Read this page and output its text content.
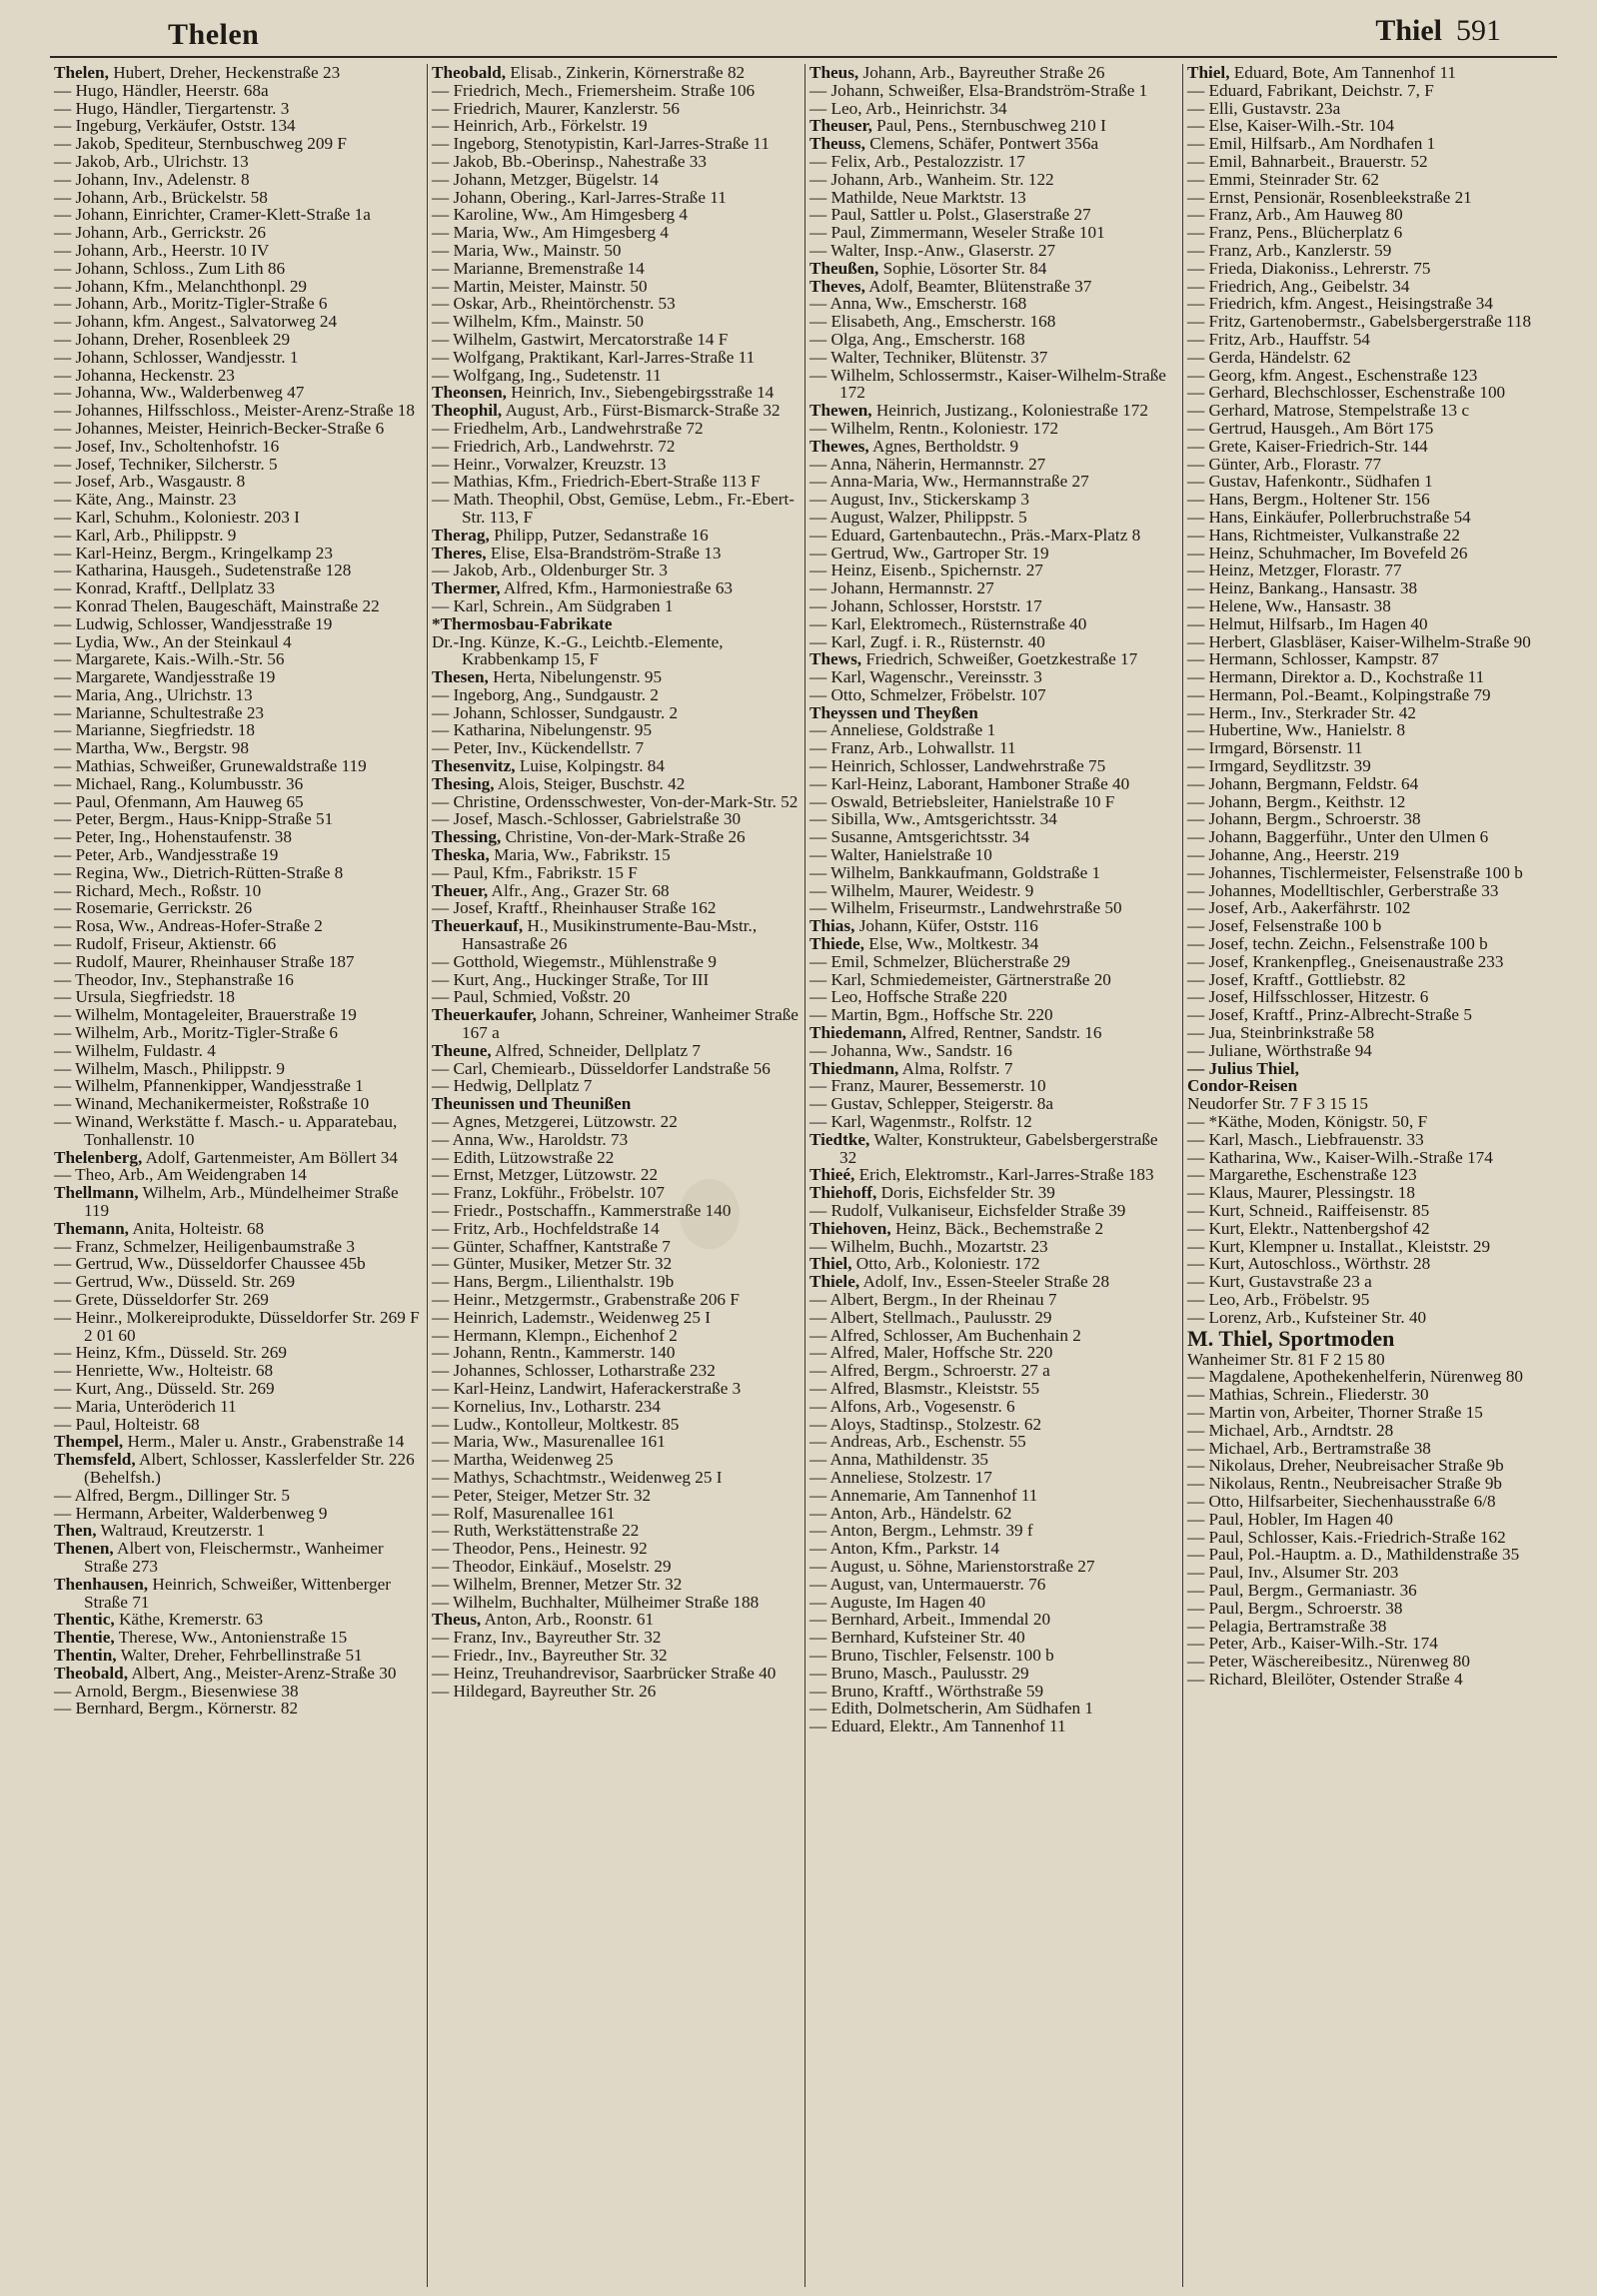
Thelen	Thiel 591
Thelen, Hubert, Dreher, Heckenstraße 23
— Hugo, Händler, Heerstr. 68a
— Hugo, Händler, Tiergartenstr. 3
— Ingeburg, Verkäufer, Oststr. 134
— Jakob, Spediteur, Sternbuschweg 209 F
— Jakob, Arb., Ulrichstr. 13
— Johann, Inv., Adelenstr. 8
— Johann, Arb., Brückelstr. 58
— Johann, Einrichter, Cramer-Klett-Straße 1a
— Johann, Arb., Gerrickstr. 26
— Johann, Arb., Heerstr. 10 IV
— Johann, Schloss., Zum Lith 86
— Johann, Kfm., Melanchthonpl. 29
— Johann, Arb., Moritz-Tigler-Straße 6
— Johann, kfm. Angest., Salvatorweg 24
— Johann, Dreher, Rosenbleek 29
— Johann, Schlosser, Wandjesstr. 1
— Johanna, Heckenstr. 23
— Johanna, Ww., Walderbenweg 47
— Johannes, Hilfsschloss., Meister-Arenz-Straße 18
— Johannes, Meister, Heinrich-Becker-Straße 6
— Josef, Inv., Scholtenhofstr. 16
— Josef, Techniker, Silcherstr. 5
— Josef, Arb., Wasgaustr. 8
— Käte, Ang., Mainstr. 23
— Karl, Schuhm., Koloniestr. 203 I
— Karl, Arb., Philippstr. 9
— Karl-Heinz, Bergm., Kringelkamp 23
— Katharina, Hausgeh., Sudetenstraße 128
— Konrad, Kraftf., Dellplatz 33
— Konrad Thelen, Baugeschäft, Mainstraße 22
— Ludwig, Schlosser, Wandjesstraße 19
— Lydia, Ww., An der Steinkaul 4
— Margarete, Kais.-Wilh.-Str. 56
— Margarete, Wandjesstraße 19
— Maria, Ang., Ulrichstr. 13
— Marianne, Schultestraße 23
— Marianne, Siegfriedstr. 18
— Martha, Ww., Bergstr. 98
— Mathias, Schweißer, Grunewaldstraße 119
— Michael, Rang., Kolumbusstr. 36
— Paul, Ofenmann, Am Hauweg 65
— Peter, Bergm., Haus-Knipp-Straße 51
— Peter, Ing., Hohenstaufenstr. 38
— Peter, Arb., Wandjesstraße 19
— Regina, Ww., Dietrich-Rütten-Straße 8
— Richard, Mech., Roßstr. 10
— Rosemarie, Gerrickstr. 26
— Rosa, Ww., Andreas-Hofer-Straße 2
— Rudolf, Friseur, Aktienstr. 66
— Rudolf, Maurer, Rheinhauser Straße 187
— Theodor, Inv., Stephanstraße 16
— Ursula, Siegfriedstr. 18
— Wilhelm, Montageleiter, Brauerstraße 19
— Wilhelm, Arb., Moritz-Tigler-Straße 6
— Wilhelm, Fuldastr. 4
— Wilhelm, Masch., Philippstr. 9
— Wilhelm, Pfannenkipper, Wandjesstraße 1
— Winand, Mechanikermeister, Roßstraße 10
— Winand, Werkstätte f. Masch.- u. Apparatebau, Tonhallenstr. 10
Thelenberg, Adolf, Gartenmeister, Am Böllert 34
— Theo, Arb., Am Weidengraben 14
Thellmann, Wilhelm, Arb., Mündelheimer Straße 119
Themann, Anita, Holteistr. 68
— Franz, Schmelzer, Heiligenbaumstraße 3
— Gertrud, Ww., Düsseldorfer Chaussee 45b
— Gertrud, Ww., Düsseld. Str. 269
— Grete, Düsseldorfer Str. 269
— Heinr., Molkereiprodukte, Düsseldorfer Str. 269 F 2 01 60
— Heinz, Kfm., Düsseld. Str. 269
— Henriette, Ww., Holteistr. 68
— Kurt, Ang., Düsseld. Str. 269
— Maria, Unteröderich 11
— Paul, Holteistr. 68
Thempel, Herm., Maler u. Anstr., Grabenstraße 14
Themsfeld, Albert, Schlosser, Kasslerfelder Str. 226 (Behelfsh.)
— Alfred, Bergm., Dillinger Str. 5
— Hermann, Arbeiter, Walderbenweg 9
Then, Waltraud, Kreutzerstr. 1
Thenen, Albert von, Fleischermstr., Wanheimer Straße 273
Thenhausen, Heinrich, Schweißer, Wittenberger Straße 71
Thentic, Käthe, Kremerstr. 63
Thentie, Therese, Ww., Antonienstraße 15
Thentin, Walter, Dreher, Fehrbellinstraße 51
Theobald, Albert, Ang., Meister-Arenz-Straße 30
— Arnold, Bergm., Biesenwiese 38
— Bernhard, Bergm., Körnerstr. 82
Theobald, Elisab., Zinkerin, Körnerstraße 82
— Friedrich, Mech., Friemersheim. Straße 106
— Friedrich, Maurer, Kanzlerstr. 56
— Heinrich, Arb., Förkelstr. 19
— Ingeborg, Stenotypistin, Karl-Jarres-Straße 11
— Jakob, Bb.-Oberinsp., Nahestraße 33
— Johann, Metzger, Bügelstr. 14
— Johann, Obering., Karl-Jarres-Straße 11
— Karoline, Ww., Am Himgesberg 4
— Maria, Ww., Am Himgesberg 4
— Maria, Ww., Mainstr. 50
— Marianne, Bremenstraße 14
— Martin, Meister, Mainstr. 50
— Oskar, Arb., Rheintörchenstr. 53
— Wilhelm, Kfm., Mainstr. 50
— Wilhelm, Gastwirt, Mercatorstraße 14 F
— Wolfgang, Praktikant, Karl-Jarres-Straße 11
— Wolfgang, Ing., Sudetenstr. 11
Theonsen, Heinrich, Inv., Siebengebirgsstraße 14
Theophil, August, Arb., Fürst-Bismarck-Straße 32
— Friedhelm, Arb., Landwehrstraße 72
— Friedrich, Arb., Landwehrstr. 72
— Heinr., Vorwalzer, Kreuzstr. 13
— Mathias, Kfm., Friedrich-Ebert-Straße 113 F
— Math. Theophil, Obst, Gemüse, Lebm., Fr.-Ebert-Str. 113, F
Therag, Philipp, Putzer, Sedanstraße 16
Theres, Elise, Elsa-Brandström-Straße 13
— Jakob, Arb., Oldenburger Str. 3
Thermer, Alfred, Kfm., Harmoniestraße 63
— Karl, Schrein., Am Südgraben 1
*Thermosbau-Fabrikate
Dr.-Ing. Künze, K.-G., Leichtb.-Elemente, Krabbenkamp 15, F
Thesen, Herta, Nibelungenstr. 95
— Ingeborg, Ang., Sundgaustr. 2
— Johann, Schlosser, Sundgaustr. 2
— Katharina, Nibelungenstr. 95
— Peter, Inv., Kückendellstr. 7
Thesenvitz, Luise, Kolpingstr. 84
Thesing, Alois, Steiger, Buschstr. 42
— Christine, Ordensschwester, Von-der-Mark-Str. 52
— Josef, Masch.-Schlosser, Gabrielstraße 30
Thessing, Christine, Von-der-Mark-Straße 26
Theska, Maria, Ww., Fabrikstr. 15
— Paul, Kfm., Fabrikstr. 15 F
Theuer, Alfr., Ang., Grazer Str. 68
— Josef, Kraftf., Rheinhauser Straße 162
Theuerkauf, H., Musikinstrumente-Bau-Mstr., Hansastraße 26
— Gotthold, Wiegemstr., Mühlenstraße 9
— Kurt, Ang., Huckinger Straße, Tor III
— Paul, Schmied, Voßstr. 20
Theuerkaufer, Johann, Schreiner, Wanheimer Straße 167 a
Theune, Alfred, Schneider, Dellplatz 7
— Carl, Chemiearb., Düsseldorfer Landstraße 56
— Hedwig, Dellplatz 7
Theunissen und Theunißen
— Agnes, Metzgerei, Lützowstr. 22
— Anna, Ww., Haroldstr. 73
— Edith, Lützowstraße 22
— Ernst, Metzger, Lützowstr. 22
— Franz, Lokführ., Fröbelstr. 107
— Friedr., Postschaffn., Kammerstraße 140
— Fritz, Arb., Hochfeldstraße 14
— Günter, Schaffner, Kantstraße 7
— Günter, Musiker, Metzer Str. 32
— Hans, Bergm., Lilienthalstr. 19b
— Heinr., Metzgermstr., Grabenstraße 206 F
— Heinrich, Lademstr., Weidenweg 25 I
— Hermann, Klempn., Eichenhof 2
— Johann, Rentn., Kammerstr. 140
— Johannes, Schlosser, Lotharstraße 232
— Karl-Heinz, Landwirt, Haferackerstraße 3
— Kornelius, Inv., Lotharstr. 234
— Ludw., Kontolleur, Moltkestr. 85
— Maria, Ww., Masurenallee 161
— Martha, Weidenweg 25
— Mathys, Schachtmstr., Weidenweg 25 I
— Peter, Steiger, Metzer Str. 32
— Rolf, Masurenallee 161
— Ruth, Werkstättenstraße 22
— Theodor, Pens., Heinestr. 92
— Theodor, Einkäuf., Moselstr. 29
— Wilhelm, Brenner, Metzer Str. 32
— Wilhelm, Buchhalter, Mülheimer Straße 188
Theus, Anton, Arb., Roonstr. 61
— Franz, Inv., Bayreuther Str. 32
— Friedr., Inv., Bayreuther Str. 32
— Heinz, Treuhandrevisor, Saarbrücker Straße 40
— Hildegard, Bayreuther Str. 26
Theus, Johann, Arb., Bayreuther Straße 26
— Johann, Schweißer, Elsa-Brandström-Straße 1
— Leo, Arb., Heinrichstr. 34
Theuser, Paul, Pens., Sternbuschweg 210 I
Theuss, Clemens, Schäfer, Pontwert 356a
— Felix, Arb., Pestalozzistr. 17
— Johann, Arb., Wanheim. Str. 122
— Mathilde, Neue Marktstr. 13
— Paul, Sattler u. Polst., Glaserstraße 27
— Paul, Zimmermann, Weseler Straße 101
— Walter, Insp.-Anw., Glaserstr. 27
Theußen, Sophie, Lösorter Str. 84
Theves, Adolf, Beamter, Blütenstraße 37
— Anna, Ww., Emscherstr. 168
— Elisabeth, Ang., Emscherstr. 168
— Olga, Ang., Emscherstr. 168
— Walter, Techniker, Blütenstr. 37
— Wilhelm, Schlossermstr., Kaiser-Wilhelm-Straße 172
Thewen, Heinrich, Justizang., Koloniestraße 172
— Wilhelm, Rentn., Koloniestr. 172
Thewes, Agnes, Bertholdstr. 9
— Anna, Näherin, Hermannstr. 27
— Anna-Maria, Ww., Hermannstraße 27
— August, Inv., Stickerskamp 3
— August, Walzer, Philippstr. 5
— Eduard, Gartenbautechn., Präs.-Marx-Platz 8
— Gertrud, Ww., Gartroper Str. 19
— Heinz, Eisenb., Spichernstr. 27
— Johann, Hermannstr. 27
— Johann, Schlosser, Horststr. 17
— Karl, Elektromech., Rüsternstraße 40
— Karl, Zugf. i. R., Rüsternstr. 40
Thews, Friedrich, Schweißer, Goetzkestraße 17
— Karl, Wagenschr., Vereinsstr. 3
— Otto, Schmelzer, Fröbelstr. 107
Theyssen und Theyßen
— Anneliese, Goldstraße 1
— Franz, Arb., Lohwallstr. 11
— Heinrich, Schlosser, Landwehrstraße 75
— Karl-Heinz, Laborant, Hamboner Straße 40
— Oswald, Betriebsleiter, Hanielstraße 10 F
— Sibilla, Ww., Amtsgerichtsstr. 34
— Susanne, Amtsgerichtsstr. 34
— Walter, Hanielstraße 10
— Wilhelm, Bankkaufmann, Goldstraße 1
— Wilhelm, Maurer, Weidestr. 9
— Wilhelm, Friseurmstr., Landwehrstraße 50
Thias, Johann, Küfer, Oststr. 116
Thiede, Else, Ww., Moltkestr. 34
— Emil, Schmelzer, Blücherstraße 29
— Karl, Schmiedemeister, Gärtnerstraße 20
— Leo, Hoffsche Straße 220
— Martin, Bgm., Hoffsche Str. 220
Thiedemann, Alfred, Rentner, Sandstr. 16
— Johanna, Ww., Sandstr. 16
Thiedmann, Alma, Rolfstr. 7
— Franz, Maurer, Bessemerstr. 10
— Gustav, Schlepper, Steigerstr. 8a
— Karl, Wagenmstr., Rolfstr. 12
Tiedtke, Walter, Konstrukteur, Gabelsbergerstraße 32
Thieé, Erich, Elektromstr., Karl-Jarres-Straße 183
Thiehoff, Doris, Eichsfelder Str. 39
— Rudolf, Vulkaniseur, Eichsfelder Straße 39
Thiehoven, Heinz, Bäck., Bechemstraße 2
— Wilhelm, Buchh., Mozartstr. 23
Thiel, Otto, Arb., Koloniestr. 172
Thiele, Adolf, Inv., Essen-Steeler Straße 28
— Albert, Bergm., In der Rheinau 7
— Albert, Stellmach., Paulusstr. 29
— Alfred, Schlosser, Am Buchenhain 2
— Alfred, Maler, Hoffsche Str. 220
— Alfred, Bergm., Schroerstr. 27 a
— Alfred, Blasmstr., Kleiststr. 55
— Alfons, Arb., Vogesenstr. 6
— Aloys, Stadtinsp., Stolzestr. 62
— Andreas, Arb., Eschenstr. 55
— Anna, Mathildenstr. 35
— Anneliese, Stolzestr. 17
— Annemarie, Am Tannenhof 11
— Anton, Arb., Händelstr. 62
— Anton, Bergm., Lehmstr. 39 f
— Anton, Kfm., Parkstr. 14
— August, u. Söhne, Marienstorstraße 27
— August, van, Untermauerstr. 76
— Auguste, Im Hagen 40
— Bernhard, Arbeit., Immendal 20
— Bernhard, Kufsteiner Str. 40
— Bruno, Tischler, Felsenstr. 100 b
— Bruno, Masch., Paulusstr. 29
— Bruno, Kraftf., Wörthstraße 59
— Edith, Dolmetscherin, Am Südhafen 1
— Eduard, Elektr., Am Tannenhof 11
Thiel, Eduard, Bote, Am Tannenhof 11
— Eduard, Fabrikant, Deichstr. 7, F
— Elli, Gustavstr. 23a
— Else, Kaiser-Wilh.-Str. 104
— Emil, Hilfsarb., Am Nordhafen 1
— Emil, Bahnarbeit., Brauerstr. 52
— Emmi, Steinrader Str. 62
— Ernst, Pensionär, Rosenbleekstraße 21
— Franz, Arb., Am Hauweg 80
— Franz, Pens., Blücherplatz 6
— Franz, Arb., Kanzlerstr. 59
— Frieda, Diakoniss., Lehrerstr. 75
— Friedrich, Ang., Geibelstr. 34
— Friedrich, kfm. Angest., Heisingstraße 34
— Fritz, Gartenobermstr., Gabelsbergerstraße 118
— Fritz, Arb., Hauffstr. 54
— Gerda, Händelstr. 62
— Georg, kfm. Angest., Eschenstraße 123
— Gerhard, Blechschlosser, Eschenstraße 100
— Gerhard, Matrose, Stempelstraße 13 c
— Gertrud, Hausgeh., Am Bört 175
— Grete, Kaiser-Friedrich-Str. 144
— Günter, Arb., Florastr. 77
— Gustav, Hafenkontr., Südhafen 1
— Hans, Bergm., Holtener Str. 156
— Hans, Einkäufer, Pollerbruchstraße 54
— Hans, Richtmeister, Vulkanstraße 22
— Heinz, Schuhmacher, Im Bovefeld 26
— Heinz, Metzger, Florastr. 77
— Heinz, Bankang., Hansastr. 38
— Helene, Ww., Hansastr. 38
— Helmut, Hilfsarb., Im Hagen 40
— Herbert, Glasbläser, Kaiser-Wilhelm-Straße 90
— Hermann, Schlosser, Kampstr. 87
— Hermann, Direktor a. D., Kochstraße 11
— Hermann, Pol.-Beamt., Kolpingstraße 79
— Herm., Inv., Sterkrader Str. 42
— Hubertine, Ww., Hanielstr. 8
— Irmgard, Börsenstr. 11
— Irmgard, Seydlitzstr. 39
— Johann, Bergmann, Feldstr. 64
— Johann, Bergm., Keithstr. 12
— Johann, Bergm., Schroerstr. 38
— Johann, Baggerführ., Unter den Ulmen 6
— Johanne, Ang., Heerstr. 219
— Johannes, Tischlermeister, Felsenstraße 100 b
— Johannes, Modelltischler, Gerberstraße 33
— Josef, Arb., Aakerfährstr. 102
— Josef, Felsenstraße 100 b
— Josef, techn. Zeichn., Felsenstraße 100 b
— Josef, Krankenpfleg., Gneisenaustraße 233
— Josef, Kraftf., Gottliebstr. 82
— Josef, Hilfsschlosser, Hitzestr. 6
— Josef, Kraftf., Prinz-Albrecht-Straße 5
— Jua, Steinbrinkstraße 58
— Juliane, Wörthstraße 94
— Julius Thiel,
Condor-Reisen
Neudorfer Str. 7 F 3 15 15
— *Käthe, Moden, Königstr. 50, F
— Karl, Masch., Liebfrauenstr. 33
— Katharina, Ww., Kaiser-Wilh.-Straße 174
— Margarethe, Eschenstraße 123
— Klaus, Maurer, Plessingstr. 18
— Kurt, Schneid., Raiffeisenstr. 85
— Kurt, Elektr., Nattenbergshof 42
— Kurt, Klempner u. Installat., Kleiststr. 29
— Kurt, Autoschloss., Wörthstr. 28
— Kurt, Gustavstraße 23 a
— Leo, Arb., Fröbelstr. 95
— Lorenz, Arb., Kufsteiner Str. 40
M. Thiel, Sportmoden
Wanheimer Str. 81 F 2 15 80
— Magdalene, Apothekenhelferin, Nürenweg 80
— Mathias, Schrein., Fliederstr. 30
— Martin von, Arbeiter, Thorner Straße 15
— Michael, Arb., Arndtstr. 28
— Michael, Arb., Bertramstraße 38
— Nikolaus, Dreher, Neubreisacher Straße 9b
— Nikolaus, Rentn., Neubreisacher Straße 9b
— Otto, Hilfsarbeiter, Siechenhausstraße 6/8
— Paul, Hobler, Im Hagen 40
— Paul, Schlosser, Kais.-Friedrich-Straße 162
— Paul, Pol.-Hauptm. a. D., Mathildenstraße 35
— Paul, Inv., Alsumer Str. 203
— Paul, Bergm., Germaniastr. 36
— Paul, Bergm., Schroerstr. 38
— Pelagia, Bertramstraße 38
— Peter, Arb., Kaiser-Wilh.-Str. 174
— Peter, Wäschereibesitz., Nürenweg 80
— Richard, Bleilöter, Ostender Straße 4
